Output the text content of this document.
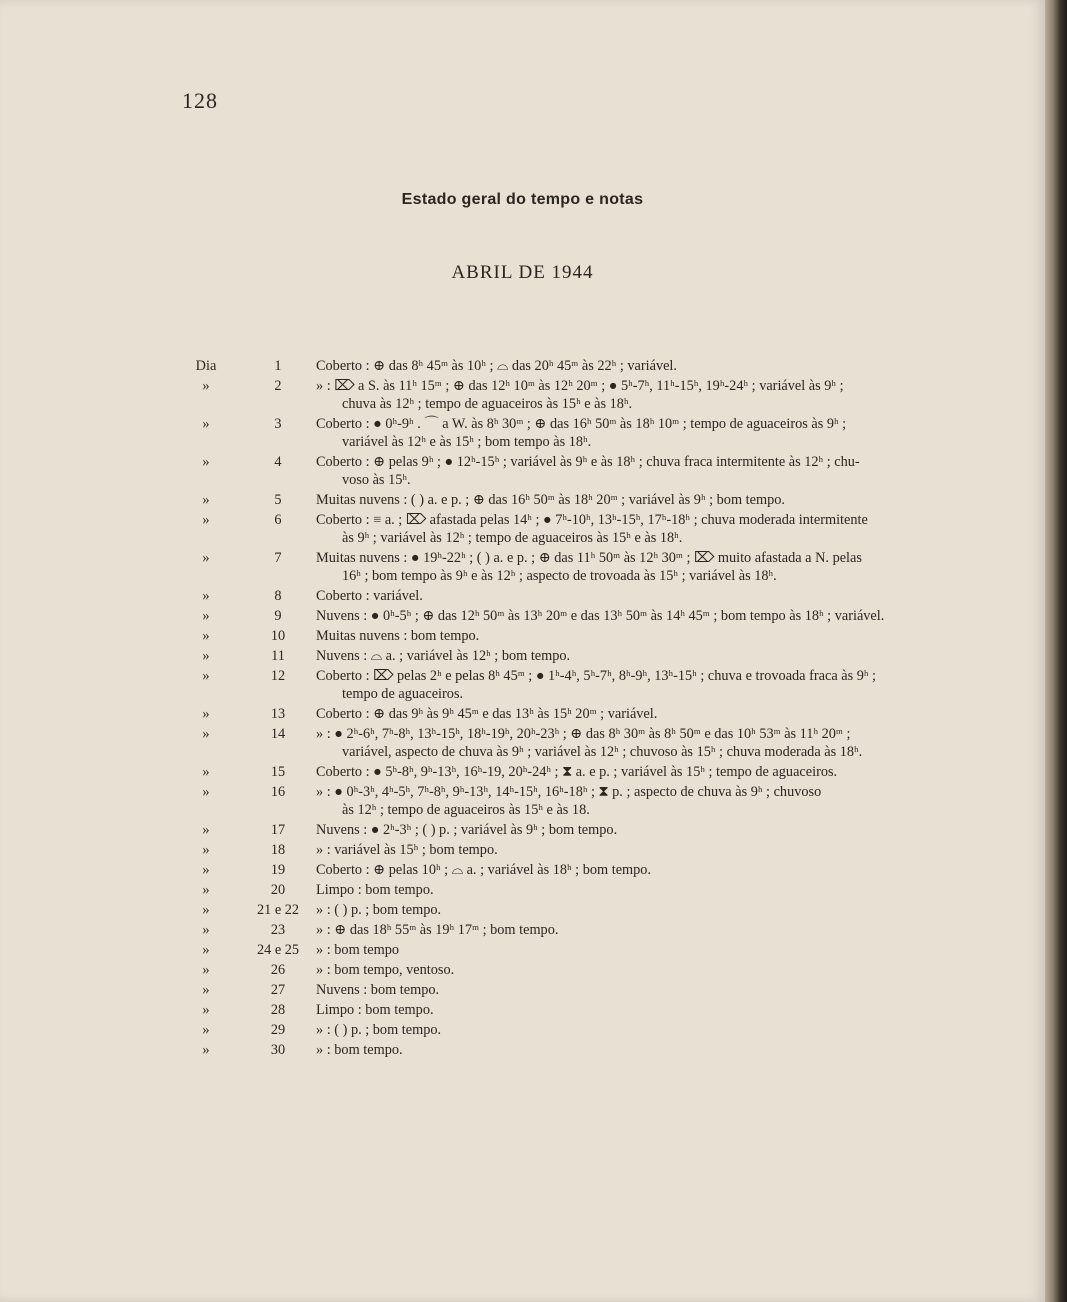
128
Estado geral do tempo e notas
ABRIL DE 1944
Dia	1	Coberto : ⊕ das 8ʰ 45ᵐ às 10ʰ ; ⌓ das 20ʰ 45ᵐ às 22ʰ ; variável.
»	2	» : ⌦ a S. às 11ʰ 15ᵐ ; ⊕ das 12ʰ 10ᵐ às 12ʰ 20ᵐ ; ● 5ʰ-7ʰ, 11ʰ-15ʰ, 19ʰ-24ʰ ; variável às 9ʰ ;
chuva às 12ʰ ; tempo de aguaceiros às 15ʰ e às 18ʰ.
»	3	Coberto : ● 0ʰ-9ʰ . ⌒ a W. às 8ʰ 30ᵐ ; ⊕ das 16ʰ 50ᵐ às 18ʰ 10ᵐ ; tempo de aguaceiros às 9ʰ ;
variável às 12ʰ e às 15ʰ ; bom tempo às 18ʰ.
»	4	Coberto : ⊕ pelas 9ʰ ; ● 12ʰ-15ʰ ; variável às 9ʰ e às 18ʰ ; chuva fraca intermitente às 12ʰ ; chu-
voso às 15ʰ.
»	5	Muitas nuvens : ( ) a. e p. ; ⊕ das 16ʰ 50ᵐ às 18ʰ 20ᵐ ; variável às 9ʰ ; bom tempo.
»	6	Coberto : ≡ a. ; ⌦ afastada pelas 14ʰ ; ● 7ʰ-10ʰ, 13ʰ-15ʰ, 17ʰ-18ʰ ; chuva moderada intermitente
às 9ʰ ; variável às 12ʰ ; tempo de aguaceiros às 15ʰ e às 18ʰ.
»	7	Muitas nuvens : ● 19ʰ-22ʰ ; ( ) a. e p. ; ⊕ das 11ʰ 50ᵐ às 12ʰ 30ᵐ ; ⌦ muito afastada a N. pelas
16ʰ ; bom tempo às 9ʰ e às 12ʰ ; aspecto de trovoada às 15ʰ ; variável às 18ʰ.
»	8	Coberto : variável.
»	9	Nuvens : ● 0ʰ-5ʰ ; ⊕ das 12ʰ 50ᵐ às 13ʰ 20ᵐ e das 13ʰ 50ᵐ às 14ʰ 45ᵐ ; bom tempo às 18ʰ ; variável.
»	10	Muitas nuvens : bom tempo.
»	11	Nuvens : ⌓ a. ; variável às 12ʰ ; bom tempo.
»	12	Coberto : ⌦ pelas 2ʰ e pelas 8ʰ 45ᵐ ; ● 1ʰ-4ʰ, 5ʰ-7ʰ, 8ʰ-9ʰ, 13ʰ-15ʰ ; chuva e trovoada fraca às 9ʰ ;
tempo de aguaceiros.
»	13	Coberto : ⊕ das 9ʰ às 9ʰ 45ᵐ e das 13ʰ às 15ʰ 20ᵐ ; variável.
»	14	» : ● 2ʰ-6ʰ, 7ʰ-8ʰ, 13ʰ-15ʰ, 18ʰ-19ʰ, 20ʰ-23ʰ ; ⊕ das 8ʰ 30ᵐ às 8ʰ 50ᵐ e das 10ʰ 53ᵐ às 11ʰ 20ᵐ ;
variável, aspecto de chuva às 9ʰ ; variável às 12ʰ ; chuvoso às 15ʰ ; chuva moderada às 18ʰ.
»	15	Coberto : ● 5ʰ-8ʰ, 9ʰ-13ʰ, 16ʰ-19, 20ʰ-24ʰ ; ⧗ a. e p. ; variável às 15ʰ ; tempo de aguaceiros.
»	16	» : ● 0ʰ-3ʰ, 4ʰ-5ʰ, 7ʰ-8ʰ, 9ʰ-13ʰ, 14ʰ-15ʰ, 16ʰ-18ʰ ; ⧗ p. ; aspecto de chuva às 9ʰ ; chuvoso
às 12ʰ ; tempo de aguaceiros às 15ʰ e às 18.
»	17	Nuvens : ● 2ʰ-3ʰ ; ( ) p. ; variável às 9ʰ ; bom tempo.
»	18	» : variável às 15ʰ ; bom tempo.
»	19	Coberto : ⊕ pelas 10ʰ ; ⌓ a. ; variável às 18ʰ ; bom tempo.
»	20	Limpo : bom tempo.
»	21 e 22	» : ( ) p. ; bom tempo.
»	23	» : ⊕ das 18ʰ 55ᵐ às 19ʰ 17ᵐ ; bom tempo.
»	24 e 25	» : bom tempo
»	26	» : bom tempo, ventoso.
»	27	Nuvens : bom tempo.
»	28	Limpo : bom tempo.
»	29	» : ( ) p. ; bom tempo.
»	30	» : bom tempo.
